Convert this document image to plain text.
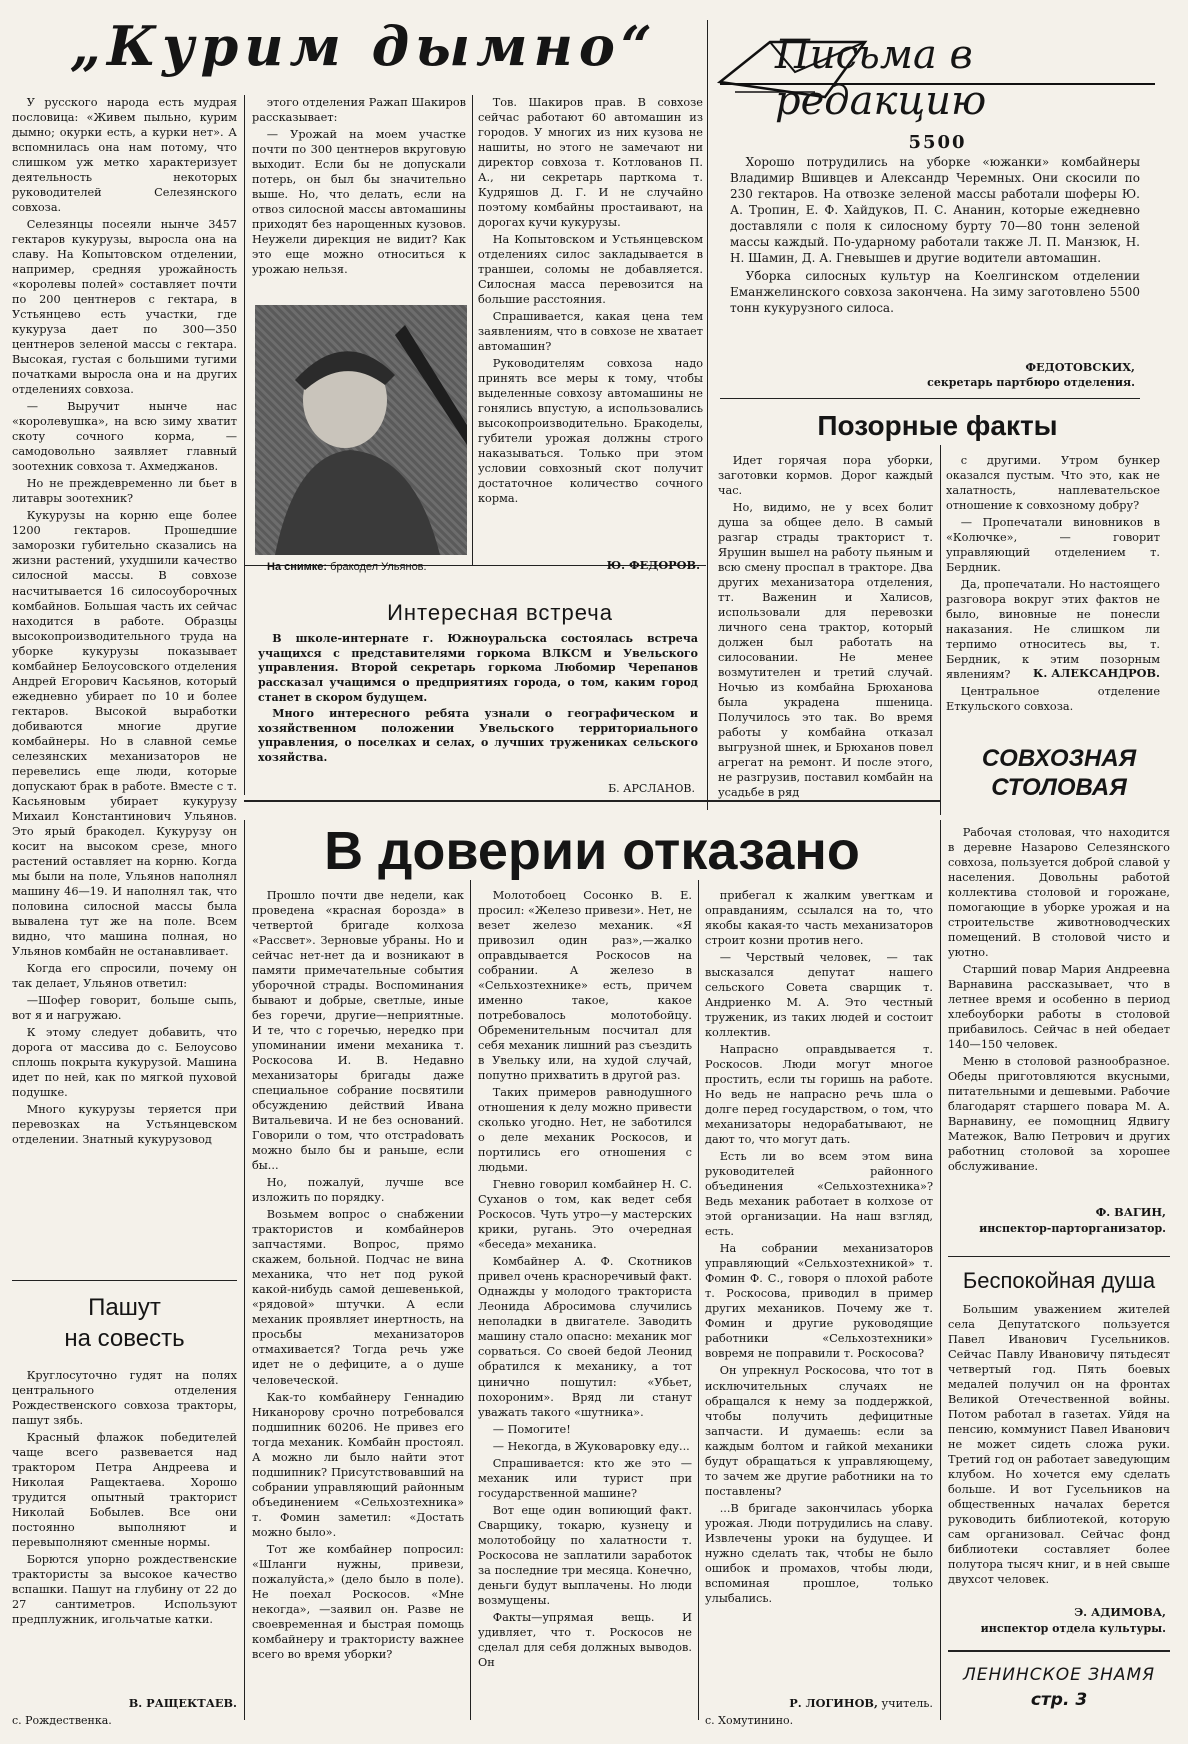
„Курим дымно“

У русского народа есть мудрая пословица: «Живем пыльно, курим дымно; окурки есть, а курки нет». А вспомнилась она нам потому, что слишком уж метко характеризует деятельность некоторых руководителей Селезянского совхоза.

Селезянцы посеяли нынче 3457 гектаров кукурузы, выросла она на славу. На Копытовском отделении, например, средняя урожайность «королевы полей» составляет почти по 200 центнеров с гектара, в Устьянцево есть участки, где кукуруза дает по 300—350 центнеров зеленой массы с гектара. Высокая, густая с большими тугими початками выросла она и на других отделениях совхоза.

— Выручит нынче нас «королевушка», на всю зиму хватит скоту сочного корма, — самодовольно заявляет главный зоотехник совхоза т. Ахмеджанов.

Но не преждевременно ли бьет в литавры зоотехник?

Кукурузы на корню еще более 1200 гектаров. Прошедшие заморозки губительно сказались на жизни растений, ухудшили качество силосной массы. В совхозе насчитывается 16 силосоуборочных комбайнов. Большая часть их сейчас находится в работе. Образцы высокопроизводительного труда на уборке кукурузы показывает комбайнер Белоусовского отделения Андрей Егорович Касьянов, который ежедневно убирает по 10 и более гектаров. Высокой выработки добиваются многие другие комбайнеры. Но в славной семье селезянских механизаторов не перевелись еще люди, которые допускают брак в работе. Вместе с т. Касьяновым убирает кукурузу Михаил Константинович Ульянов. Это ярый бракодел. Кукурузу он косит на высоком срезе, много растений оставляет на корню. Когда мы были на поле, Ульянов наполнял машину 46—19. И наполнял так, что половина силосной массы была вывалена тут же на поле. Всем видно, что машина полная, но Ульянов комбайн не останавливает.

Когда его спросили, почему он так делает, Ульянов ответил:

—Шофер говорит, больше сыпь, вот я и нагружаю.

К этому следует добавить, что дорога от массива до с. Белоусово сплошь покрыта кукурузой. Машина идет по ней, как по мягкой пуховой подушке.

Много кукурузы теряется при перевозках на Устьянцевском отделении. Знатный кукурузовод

этого отделения Ражап Шакиров рассказывает:

— Урожай на моем участке почти по 300 центнеров вкруговую выходит. Если бы не допускали потерь, он был бы значительно выше. Но, что делать, если на отвоз силосной массы автомашины приходят без нарощенных кузовов. Неужели дирекция не видит? Как это еще можно относиться к урожаю нельзя.

На снимке: бракодел Ульянов.

Тов. Шакиров прав. В совхозе сейчас работают 60 автомашин из городов. У многих из них кузова не нашиты, но этого не замечают ни директор совхоза т. Котлованов П. А., ни секретарь парткома т. Кудряшов Д. Г. И не случайно поэтому комбайны простаивают, на дорогах кучи кукурузы.

На Копытовском и Устьянцевском отделениях силос закладывается в траншеи, соломы не добавляется. Силосная масса перевозится на большие расстояния.

Спрашивается, какая цена тем заявлениям, что в совхозе не хватает автомашин?

Руководителям совхоза надо принять все меры к тому, чтобы выделенные совхозу автомашины не гонялись впустую, а использовались высокопроизводительно. Бракоделы, губители урожая должны строго наказываться. Только при этом условии совхозный скот получит достаточное количество сочного корма.

Ю. ФЕДОРОВ.
Интересная встреча

В школе-интернате г. Южноуральска состоялась встреча учащихся с представителями горкома ВЛКСМ и Увельского управления. Второй секретарь горкома Любомир Черепанов рассказал учащимся о предприятиях города, о том, каким город станет в скором будущем.

Много интересного ребята узнали о географическом и хозяйственном положении Увельского территориального управления, о поселках и селах, о лучших тружениках сельского хозяйства.

Б. АРСЛАНОВ.
Письма в редакцию
5500

Хорошо потрудились на уборке «южанки» комбайнеры Владимир Вшивцев и Александр Черемных. Они скосили по 230 гектаров. На отвозке зеленой массы работали шоферы Ю. А. Тропин, Е. Ф. Хайдуков, П. С. Ананин, которые ежедневно доставляли с поля к силосному бурту 70—80 тонн зеленой массы каждый. По-ударному работали также Л. П. Манзюк, Н. Н. Шамин, Д. А. Гневышев и другие водители автомашин.

Уборка силосных культур на Коелгинском отделении Еманжелинского совхоза закончена. На зиму заготовлено 5500 тонн кукурузного силоса.

ФЕДОТОВСКИХ,
секретарь партбюро отделения.
Позорные факты

Идет горячая пора уборки, заготовки кормов. Дорог каждый час.

Но, видимо, не у всех болит душа за общее дело. В самый разгар страды тракторист т. Ярушин вышел на работу пьяным и всю смену проспал в тракторе. Два других механизатора отделения, тт. Важенин и Халисов, использовали для перевозки личного сена трактор, который должен был работать на силосовании. Не менее возмутителен и третий случай. Ночью из комбайна Брюханова была украдена пшеница. Получилось это так. Во время работы у комбайна отказал выгрузной шнек, и Брюханов повел агрегат на ремонт. И после этого, не разгрузив, поставил комбайн на усадьбе в ряд

с другими. Утром бункер оказался пустым. Что это, как не халатность, наплевательское отношение к совхозному добру?

— Пропечатали виновников в «Колючке», — говорит управляющий отделением т. Бердник.

Да, пропечатали. Но настоящего разговора вокруг этих фактов не было, виновные не понесли наказания. Не слишком ли терпимо относитесь вы, т. Бердник, к этим позорным явлениям?	К. АЛЕКСАНДРОВ.
Центральное отделение Еткульского совхоза.
СОВХОЗНАЯ
СТОЛОВАЯ

Рабочая столовая, что находится в деревне Назарово Селезянского совхоза, пользуется доброй славой у населения. Довольны работой коллектива столовой и горожане, помогающие в уборке урожая и на строительстве животноводческих помещений. В столовой чисто и уютно.

Старший повар Мария Андреевна Варнавина рассказывает, что в летнее время и особенно в период хлебоуборки работы в столовой прибавилось. Сейчас в ней обедает 140—150 человек.

Меню в столовой разнообразное. Обеды приготовляются вкусными, питательными и дешевыми. Рабочие благодарят старшего повара М. А. Варнавину, ее помощниц Ядвигу Матежок, Валю Петрович и других работниц столовой за хорошее обслуживание.

Ф. ВАГИН,
инспектор-парторганизатор.
Беспокойная душа

Большим уважением жителей села Депутатского пользуется Павел Иванович Гусельников. Сейчас Павлу Ивановичу пятьдесят четвертый год. Пять боевых медалей получил он на фронтах Великой Отечественной войны. Потом работал в газетах. Уйдя на пенсию, коммунист Павел Иванович не может сидеть сложа руки. Третий год он работает заведующим клубом. Но хочется ему сделать больше. И вот Гусельников на общественных началах берется руководить библиотекой, которую сам организовал. Сейчас фонд библиотеки составляет более полутора тысяч книг, и в ней свыше двухсот человек.

Э. АДИМОВА,
инспектор отдела культуры.
ЛЕНИНСКОЕ ЗНАМЯ
стр. 3
Пашут
на совесть

Круглосуточно гудят на полях центрального отделения Рождественского совхоза тракторы, пашут зябь.

Красный флажок победителей чаще всего развевается над трактором Петра Андреева и Николая Ращектаева. Хорошо трудится опытный тракторист Николай Бобылев. Все они постоянно выполняют и перевыполняют сменные нормы.

Борются упорно рождественские трактористы за высокое качество вспашки. Пашут на глубину от 22 до 27 сантиметров. Используют предплужник, игольчатые катки.

В. РАЩЕКТАЕВ.
с. Рождественка.
В доверии отказано

Прошло почти две недели, как проведена «красная борозда» в четвертой бригаде колхоза «Рассвет». Зерновые убраны. Но и сейчас нет-нет да и возникают в памяти примечательные события уборочной страды. Воспоминания бывают и добрые, светлые, иные без горечи, другие—неприятные. И те, что с горечью, нередко при упоминании имени механика т. Роскосова И. В. Недавно механизаторы бригады даже специальное собрание посвятили обсуждению действий Ивана Витальевича. И не без оснований. Говорили о том, что отстраdовать можно было бы и раньше, если бы...

Но, пожалуй, лучше все изложить по порядку.

Возьмем вопрос о снабжении трактористов и комбайнеров запчастями. Вопрос, прямо скажем, больной. Подчас не вина механика, что нет под рукой какой-нибудь самой дешевенькой, «рядовой» штучки. А если механик проявляет инертность, на просьбы механизаторов отмахивается? Тогда речь уже идет не о дефиците, а о душе человеческой.

Как-то комбайнеру Геннадию Никанорову срочно потребовался подшипник 60206. Не привез его тогда механик. Комбайн простоял. А можно ли было найти этот подшипник? Присутствовавший на собрании управляющий районным объединением «Сельхозтехника» т. Фомин заметил: «Достать можно было».

Тот же комбайнер попросил: «Шланги нужны, привези, пожалуйста,» (дело было в поле). Не поехал Роскосов. «Мне некогда», —заявил он. Разве не своевременная и быстрая помощь комбайнеру и трактористу важнее всего во время уборки?

Молотобоец Сосонко В. Е. просил: «Железо привези». Нет, не везет железо механик. «Я привозил один раз»,—жалко оправдывается Роскосов на собрании. А железо в «Сельхозтехнике» есть, причем именно такое, какое потребовалось молотобойцу. Обременительным посчитал для себя механик лишний раз съездить в Увельку или, на худой случай, попутно прихватить в другой раз.

Таких примеров равнодушного отношения к делу можно привести сколько угодно. Нет, не заботился о деле механик Роскосов, и портились его отношения с людьми.

Гневно говорил комбайнер Н. С. Суханов о том, как ведет себя Роскосов. Чуть утро—у мастерских крики, ругань. Это очередная «беседа» механика.

Комбайнер А. Ф. Скотников привел очень красноречивый факт. Однажды у молодого тракториста Леонида Абросимова случились неполадки в двигателе. Заводить машину стало опасно: механик мог сорваться. Со своей бедой Леонид обратился к механику, а тот цинично пошутил: «Убьет, похороним». Вряд ли станут уважать такого «шутника».

— Помогите!

— Некогда, в Жуковаровку еду...

Спрашивается: кто же это — механик или турист при государственной машине?

Вот еще один вопиющий факт. Сварщику, токарю, кузнецу и молотобойцу по халатности т. Роскосова не заплатили заработок за последние три месяца. Конечно, деньги будут выплачены. Но люди возмущены.

Факты—упрямая вещь. И удивляет, что т. Роскосов не сделал для себя должных выводов. Он

прибегал к жалким увerткам и оправданиям, ссылался на то, что якобы какая-то часть механизаторов строит козни против него.

— Черствый человек, — так высказался депутат нашего сельского Совета сварщик т. Андриенко М. А. Это честный труженик, из таких людей и состоит коллектив.

Напрасно оправдывается т. Роскосов. Люди могут многое простить, если ты горишь на работе. Но ведь не напрасно речь шла о долге перед государством, о том, что механизаторы недорабатывают, не дают то, что могут дать.

Есть ли во всем этом вина руководителей районного объединения «Сельхозтехника»? Ведь механик работает в колхозе от этой организации. На наш взгляд, есть.

На собрании механизаторов управляющий «Сельхозтехникой» т. Фомин Ф. С., говоря о плохой работе т. Роскосова, приводил в пример других механиков. Почему же т. Фомин и другие руководящие работники «Сельхозтехники» вовремя не поправили т. Роскосова?

Он упрекнул Роскосова, что тот в исключительных случаях не обращался к нему за поддержкой, чтобы получить дефицитные запчасти. И думаешь: если за каждым болтом и гайкой механики будут обращаться к управляющему, то зачем же другие работники на то поставлены?

...В бригаде закончилась уборка урожая. Люди потрудились на славу. Извлечены уроки на будущее. И нужно сделать так, чтобы не было ошибок и промахов, чтобы люди, вспоминая прошлое, только улыбались.

Р. ЛОГИНОВ, учитель.
с. Хомутинино.
